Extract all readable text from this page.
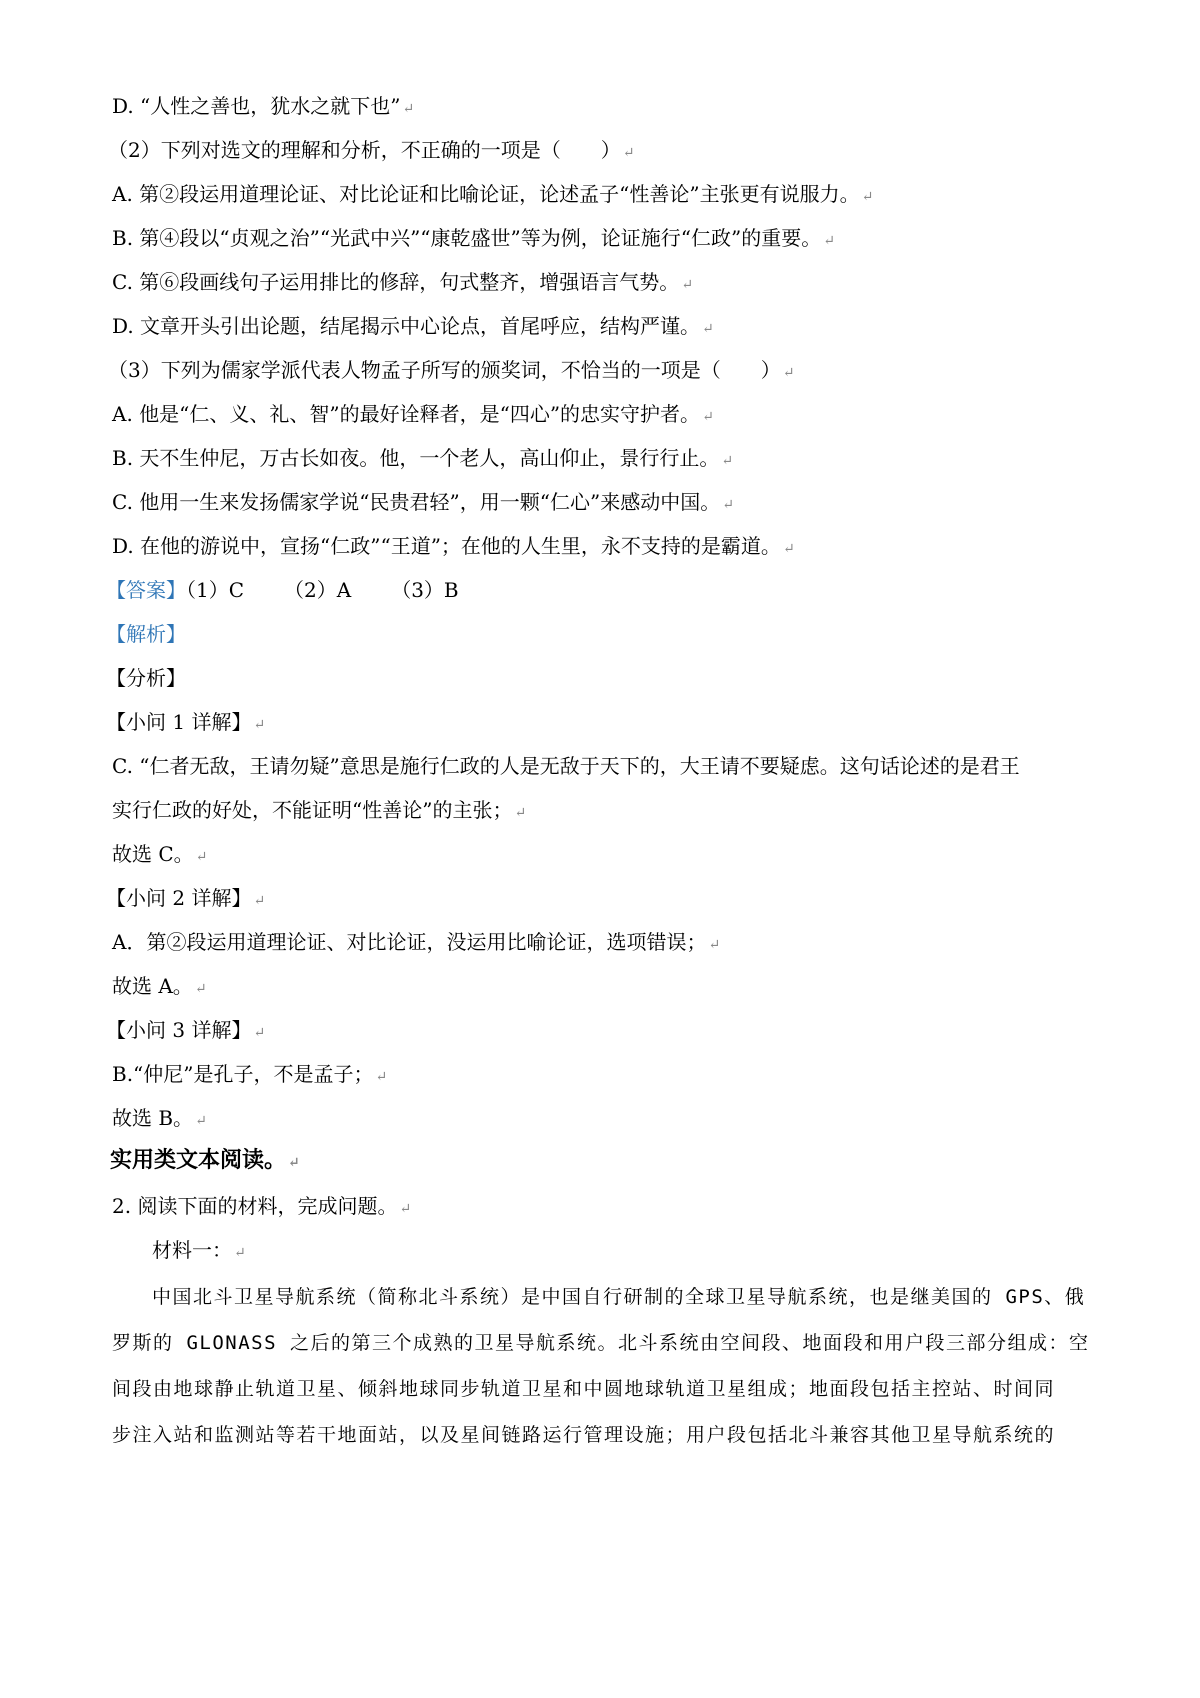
D. “人性之善也，犹水之就下也” ↵
（2）下列对选文的理解和分析，不正确的一项是（　　） ↵
A. 第②段运用道理论证、对比论证和比喻论证，论述孟子“性善论”主张更有说服力。 ↵
B. 第④段以“贞观之治”“光武中兴”“康乾盛世”等为例，论证施行“仁政”的重要。 ↵
C. 第⑥段画线句子运用排比的修辞，句式整齐，增强语言气势。 ↵
D. 文章开头引出论题，结尾揭示中心论点，首尾呼应，结构严谨。 ↵
（3）下列为儒家学派代表人物孟子所写的颁奖词，不恰当的一项是（　　） ↵
A. 他是“仁、义、礼、智”的最好诠释者，是“四心”的忠实守护者。 ↵
B. 天不生仲尼，万古长如夜。他，一个老人，高山仰止，景行行止。 ↵
C. 他用一生来发扬儒家学说“民贵君轻”，用一颗“仁心”来感动中国。 ↵
D. 在他的游说中，宣扬“仁政”“王道”；在他的人生里，永不支持的是霸道。 ↵
【答案】（1）C （2）A （3）B
【解析】
【分析】
【小问 1 详解】 ↵
C. “仁者无敌，王请勿疑”意思是施行仁政的人是无敌于天下的，大王请不要疑虑。这句话论述的是君王
实行仁政的好处，不能证明“性善论”的主张； ↵
故选 C。 ↵
【小问 2 详解】 ↵
A．第②段运用道理论证、对比论证，没运用比喻论证，选项错误； ↵
故选 A。 ↵
【小问 3 详解】 ↵
B.“仲尼”是孔子，不是孟子； ↵
故选 B。 ↵
实用类文本阅读。 ↵
2. 阅读下面的材料，完成问题。 ↵
材料一： ↵
中国北斗卫星导航系统（简称北斗系统）是中国自行研制的全球卫星导航系统，也是继美国的 GPS、俄
罗斯的 GLONASS 之后的第三个成熟的卫星导航系统。北斗系统由空间段、地面段和用户段三部分组成：空
间段由地球静止轨道卫星、倾斜地球同步轨道卫星和中圆地球轨道卫星组成；地面段包括主控站、时间同
步注入站和监测站等若干地面站，以及星间链路运行管理设施；用户段包括北斗兼容其他卫星导航系统的
